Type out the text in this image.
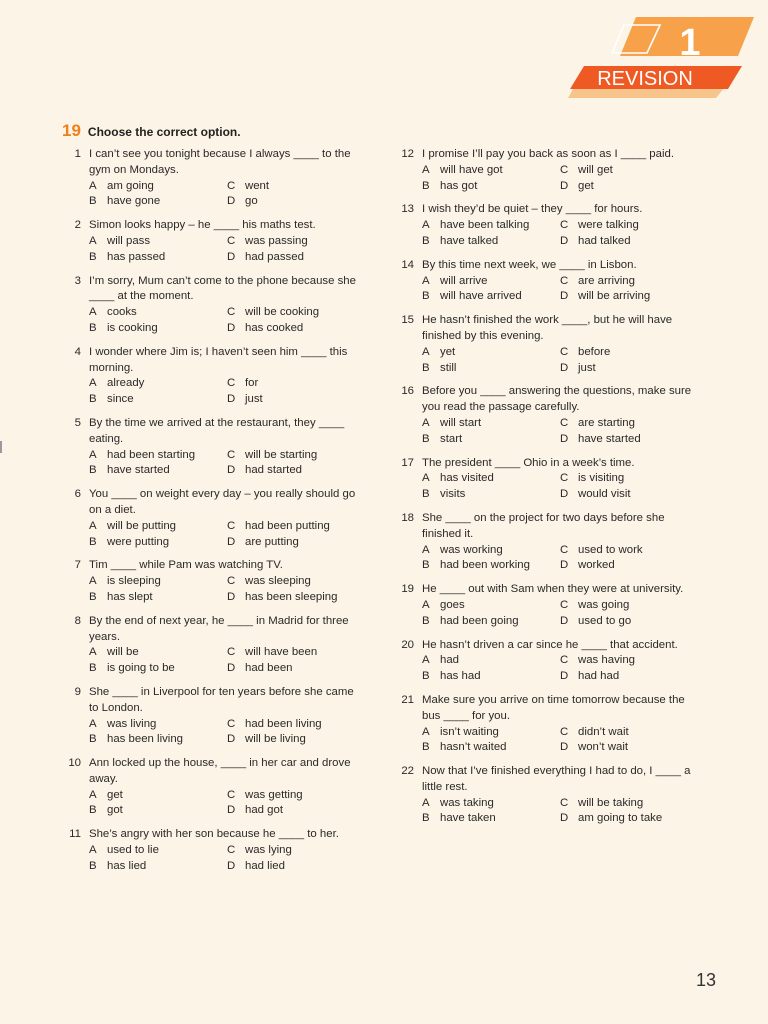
1
REVISION
19 Choose the correct option.
1 I can’t see you tonight because I always ____ to the gym on Mondays.
A am going	C went
B have gone	D go
2 Simon looks happy – he ____ his maths test.
A will pass	C was passing
B has passed	D had passed
3 I’m sorry, Mum can’t come to the phone because she ____ at the moment.
A cooks	C will be cooking
B is cooking	D has cooked
4 I wonder where Jim is; I haven’t seen him ____ this morning.
A already	C for
B since	D just
5 By the time we arrived at the restaurant, they ____ eating.
A had been starting	C will be starting
B have started	D had started
6 You ____ on weight every day – you really should go on a diet.
A will be putting	C had been putting
B were putting	D are putting
7 Tim ____ while Pam was watching TV.
A is sleeping	C was sleeping
B has slept	D has been sleeping
8 By the end of next year, he ____ in Madrid for three years.
A will be	C will have been
B is going to be	D had been
9 She ____ in Liverpool for ten years before she came to London.
A was living	C had been living
B has been living	D will be living
10 Ann locked up the house, ____ in her car and drove away.
A get	C was getting
B got	D had got
11 She’s angry with her son because he ____ to her.
A used to lie	C was lying
B has lied	D had lied
12 I promise I’ll pay you back as soon as I ____ paid.
A will have got	C will get
B has got	D get
13 I wish they’d be quiet – they ____ for hours.
A have been talking	C were talking
B have talked	D had talked
14 By this time next week, we ____ in Lisbon.
A will arrive	C are arriving
B will have arrived	D will be arriving
15 He hasn’t finished the work ____, but he will have finished by this evening.
A yet	C before
B still	D just
16 Before you ____ answering the questions, make sure you read the passage carefully.
A will start	C are starting
B start	D have started
17 The president ____ Ohio in a week’s time.
A has visited	C is visiting
B visits	D would visit
18 She ____ on the project for two days before she finished it.
A was working	C used to work
B had been working	D worked
19 He ____ out with Sam when they were at university.
A goes	C was going
B had been going	D used to go
20 He hasn’t driven a car since he ____ that accident.
A had	C was having
B has had	D had had
21 Make sure you arrive on time tomorrow because the bus ____ for you.
A isn’t waiting	C didn’t wait
B hasn’t waited	D won’t wait
22 Now that I’ve finished everything I had to do, I ____ a little rest.
A was taking	C will be taking
B have taken	D am going to take
13
